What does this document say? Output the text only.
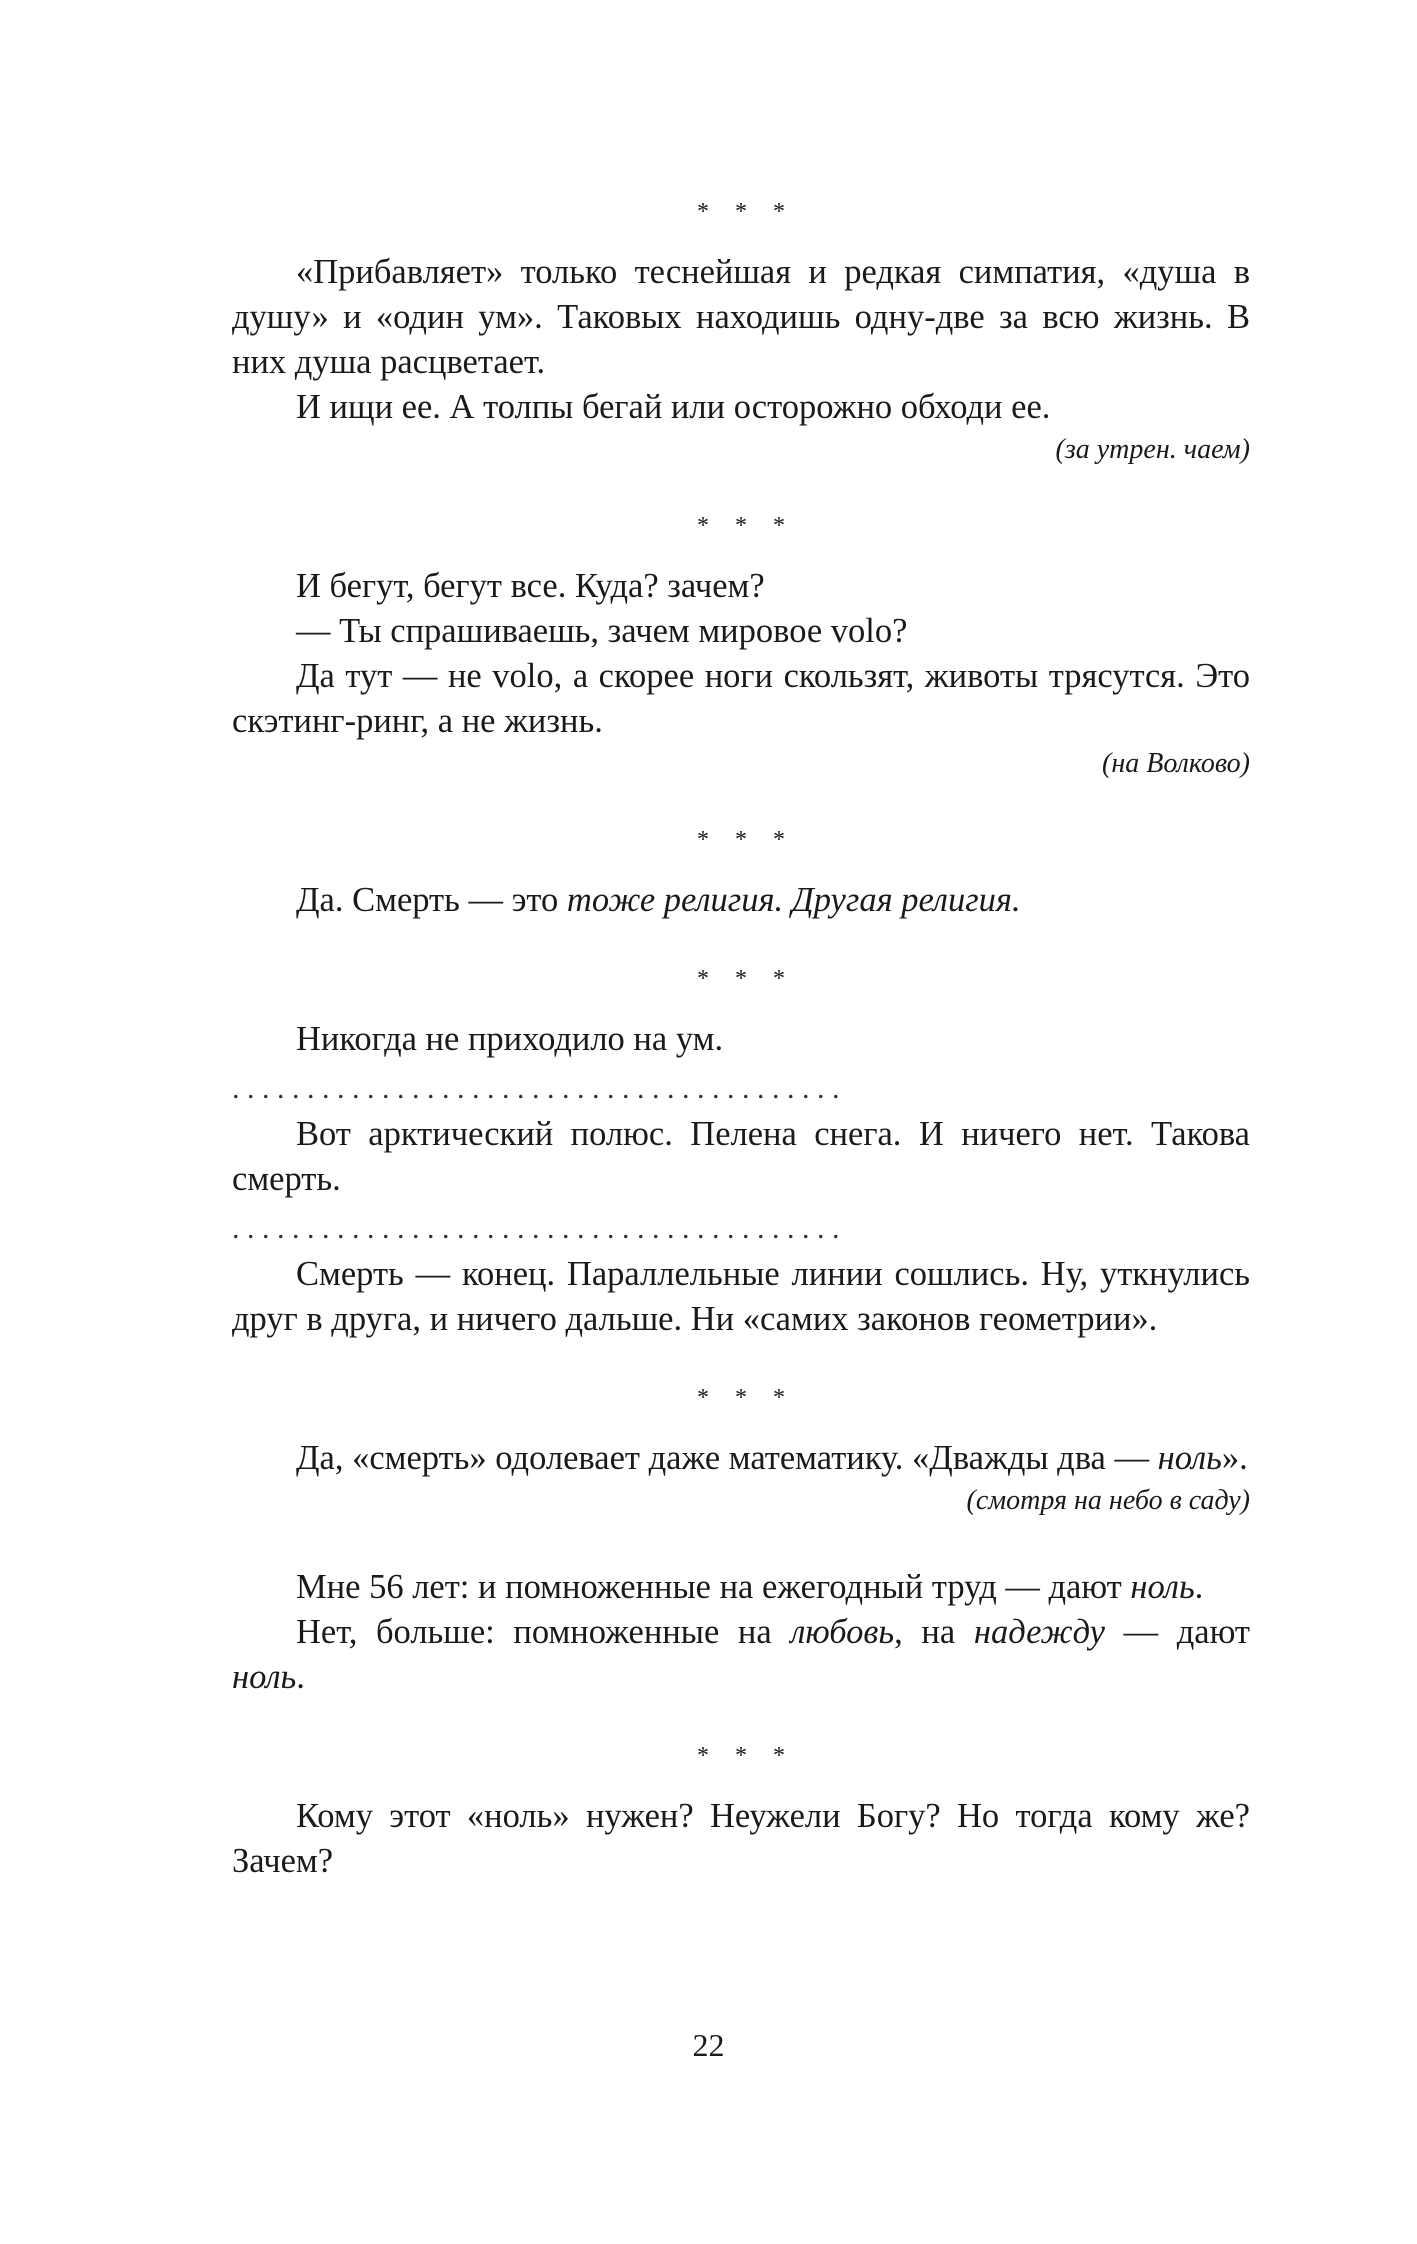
* * *

«Прибавляет» только теснейшая и редкая симпатия, «душа в душу» и «один ум». Таковых находишь одну-две за всю жизнь. В них душа расцветает.

И ищи ее. А толпы бегай или осторожно обходи ее.

(за утрен. чаем)
* * *

И бегут, бегут все. Куда? зачем?

— Ты спрашиваешь, зачем мировое volo?

Да тут — не volo, а скорее ноги скользят, животы трясутся. Это скэтинг-ринг, а не жизнь.

(на Волково)
* * *

Да. Смерть — это тоже религия. Другая религия.

* * *

Никогда не приходило на ум.

. . . . . . . . . . . . . . . . . . . . . . . . . . . . . . . . . . . . . . . . .

Вот арктический полюс. Пелена снега. И ничего нет. Такова смерть.

. . . . . . . . . . . . . . . . . . . . . . . . . . . . . . . . . . . . . . . . .

Смерть — конец. Параллельные линии сошлись. Ну, уткнулись друг в друга, и ничего дальше. Ни «самих законов геометрии».

* * *

Да, «смерть» одолевает даже математику. «Дважды два — ноль».

(смотря на небо в саду)

Мне 56 лет: и помноженные на ежегодный труд — дают ноль.

Нет, больше: помноженные на любовь, на надежду — дают ноль.

* * *

Кому этот «ноль» нужен? Неужели Богу? Но тогда кому же? Зачем?

22
